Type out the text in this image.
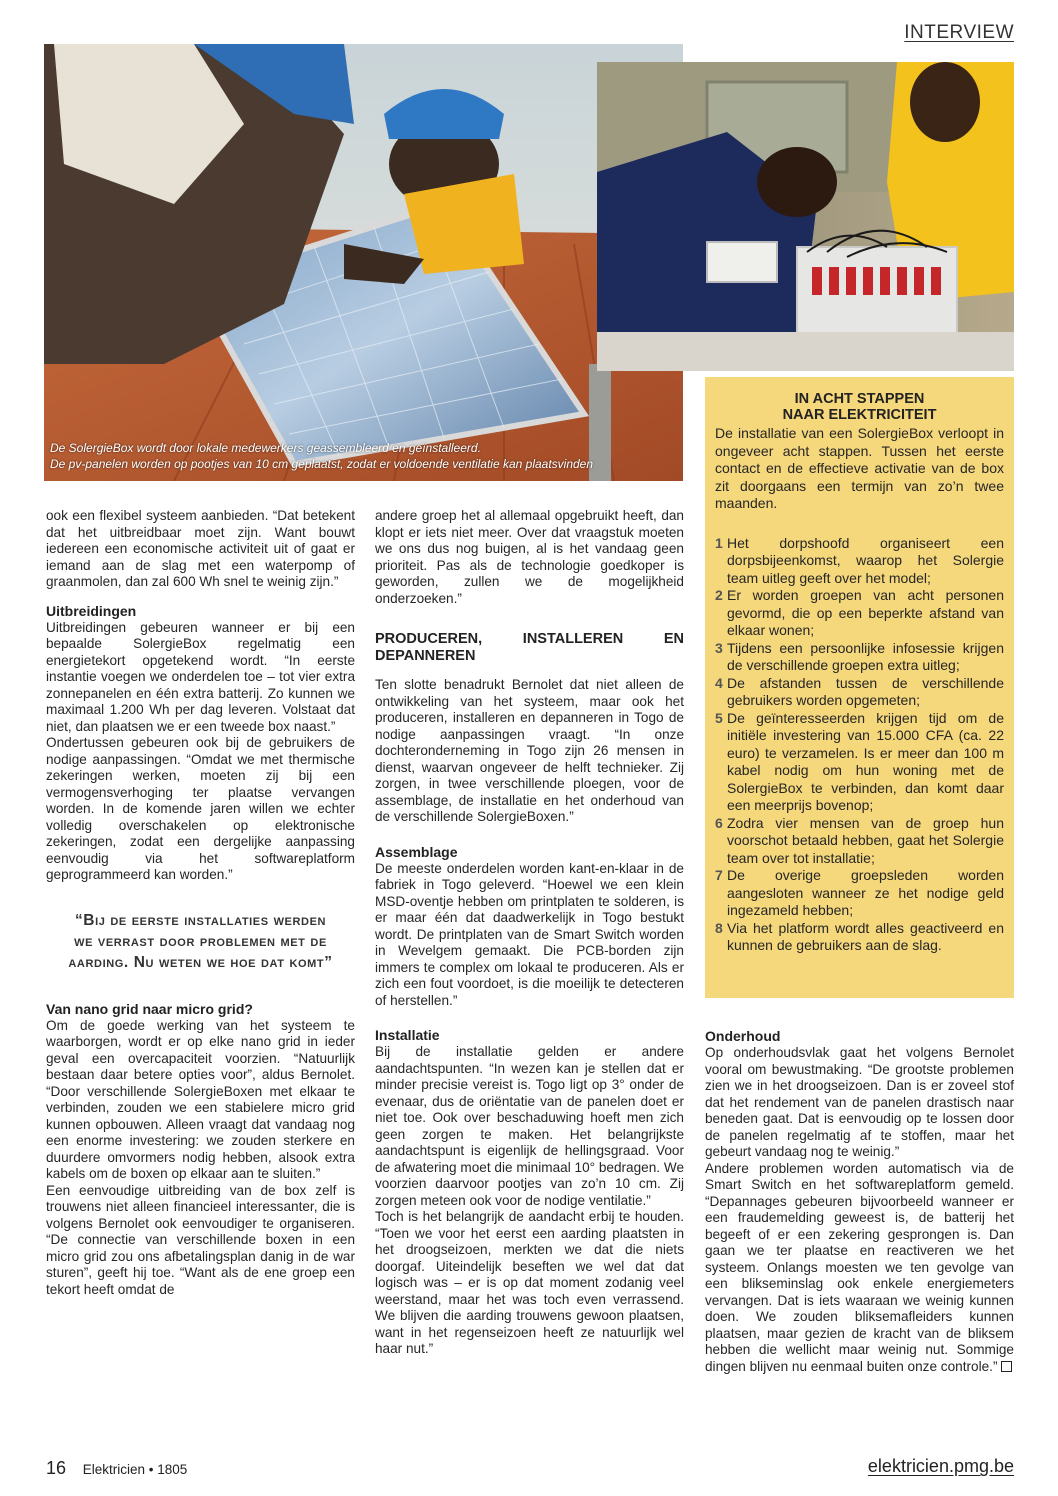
INTERVIEW
De SolergieBox wordt door lokale medewerkers geassembleerd en geïnstalleerd.
De pv-panelen worden op pootjes van 10 cm geplaatst, zodat er voldoende ventilatie kan plaatsvinden

ook een flexibel systeem aanbieden. “Dat betekent dat het uitbreidbaar moet zijn. Want bouwt iedereen een economische activiteit uit of gaat er iemand aan de slag met een waterpomp of graanmolen, dan zal 600 Wh snel te weinig zijn.”

Uitbreidingen

Uitbreidingen gebeuren wanneer er bij een bepaalde SolergieBox regelmatig een energietekort opgetekend wordt. “In eerste instantie voegen we onderdelen toe – tot vier extra zonnepanelen en één extra batterij. Zo kunnen we maximaal 1.200 Wh per dag leveren. Volstaat dat niet, dan plaatsen we er een tweede box naast.”

Ondertussen gebeuren ook bij de gebruikers de nodige aanpassingen. “Omdat we met thermische zekeringen werken, moeten zij bij een vermogensverhoging ter plaatse vervangen worden. In de komende jaren willen we echter volledig overschakelen op elektronische zekeringen, zodat een dergelijke aanpassing eenvoudig via het softwareplatform geprogrammeerd kan worden.”

“Bij de eerste installaties werden we verrast door problemen met de aarding. Nu weten we hoe dat komt”
Van nano grid naar micro grid?

Om de goede werking van het systeem te waarborgen, wordt er op elke nano grid in ieder geval een overcapaciteit voorzien. “Natuurlijk bestaan daar betere opties voor”, aldus Bernolet. “Door verschillende SolergieBoxen met elkaar te verbinden, zouden we een stabielere micro grid kunnen opbouwen. Alleen vraagt dat vandaag nog een enorme investering: we zouden sterkere en duurdere omvormers nodig hebben, alsook extra kabels om de boxen op elkaar aan te sluiten.”

Een eenvoudige uitbreiding van de box zelf is trouwens niet alleen financieel interessanter, die is volgens Bernolet ook eenvoudiger te organiseren. “De connectie van verschillende boxen in een micro grid zou ons afbetalingsplan danig in de war sturen”, geeft hij toe. “Want als de ene groep een tekort heeft omdat de

andere groep het al allemaal opgebruikt heeft, dan klopt er iets niet meer. Over dat vraagstuk moeten we ons dus nog buigen, al is het vandaag geen prioriteit. Pas als de technologie goedkoper is geworden, zullen we de mogelijkheid onderzoeken.”

PRODUCEREN, INSTALLEREN EN DEPANNEREN

Ten slotte benadrukt Bernolet dat niet alleen de ontwikkeling van het systeem, maar ook het produceren, installeren en depanneren in Togo de nodige aanpassingen vraagt. “In onze dochteronderneming in Togo zijn 26 mensen in dienst, waarvan ongeveer de helft technieker. Zij zorgen, in twee verschillende ploegen, voor de assemblage, de installatie en het onderhoud van de verschillende SolergieBoxen.”

Assemblage

De meeste onderdelen worden kant-en-klaar in de fabriek in Togo geleverd. “Hoewel we een klein MSD-oventje hebben om printplaten te solderen, is er maar één dat daadwerkelijk in Togo bestukt wordt. De printplaten van de Smart Switch worden in Wevelgem gemaakt. Die PCB-borden zijn immers te complex om lokaal te produceren. Als er zich een fout voordoet, is die moeilijk te detecteren of herstellen.”

Installatie

Bij de installatie gelden er andere aandachtspunten. “In wezen kan je stellen dat er minder precisie vereist is. Togo ligt op 3° onder de evenaar, dus de oriëntatie van de panelen doet er niet toe. Ook over beschaduwing hoeft men zich geen zorgen te maken. Het belangrijkste aandachtspunt is eigenlijk de hellingsgraad. Voor de afwatering moet die minimaal 10° bedragen. We voorzien daarvoor pootjes van zo’n 10 cm. Zij zorgen meteen ook voor de nodige ventilatie.”

Toch is het belangrijk de aandacht erbij te houden. “Toen we voor het eerst een aarding plaatsten in het droogseizoen, merkten we dat die niets doorgaf. Uiteindelijk beseften we wel dat dat logisch was – er is op dat moment zodanig veel weerstand, maar het was toch even verrassend. We blijven die aarding trouwens gewoon plaatsen, want in het regenseizoen heeft ze natuurlijk wel haar nut.”

IN ACHT STAPPEN
NAAR ELEKTRICITEIT

De installatie van een SolergieBox verloopt in ongeveer acht stappen. Tussen het eerste contact en de effectieve activatie van de box zit doorgaans een termijn van zo’n twee maanden.

1 Het dorpshoofd organiseert een dorpsbijeenkomst, waarop het Solergie team uitleg geeft over het model;
2 Er worden groepen van acht personen gevormd, die op een beperkte afstand van elkaar wonen;
3 Tijdens een persoonlijke infosessie krijgen de verschillende groepen extra uitleg;
4 De afstanden tussen de verschillende gebruikers worden opgemeten;
5 De geïnteresseerden krijgen tijd om de initiële investering van 15.000 CFA (ca. 22 euro) te verzamelen. Is er meer dan 100 m kabel nodig om hun woning met de SolergieBox te verbinden, dan komt daar een meerprijs bovenop;
6 Zodra vier mensen van de groep hun voorschot betaald hebben, gaat het Solergie team over tot installatie;
7 De overige groepsleden worden aangesloten wanneer ze het nodige geld ingezameld hebben;
8 Via het platform wordt alles geactiveerd en kunnen de gebruikers aan de slag.
Onderhoud

Op onderhoudsvlak gaat het volgens Bernolet vooral om bewustmaking. “De grootste problemen zien we in het droogseizoen. Dan is er zoveel stof dat het rendement van de panelen drastisch naar beneden gaat. Dat is eenvoudig op te lossen door de panelen regelmatig af te stoffen, maar het gebeurt vandaag nog te weinig.”

Andere problemen worden automatisch via de Smart Switch en het softwareplatform gemeld. “Depannages gebeuren bijvoorbeeld wanneer er een fraudemelding geweest is, de batterij het begeeft of er een zekering gesprongen is. Dan gaan we ter plaatse en reactiveren we het systeem. Onlangs moesten we ten gevolge van een blikseminslag ook enkele energiemeters vervangen. Dat is iets waaraan we weinig kunnen doen. We zouden bliksemafleiders kunnen plaatsen, maar gezien de kracht van de bliksem hebben die wellicht maar weinig nut. Sommige dingen blijven nu eenmaal buiten onze controle.”

16 Elektricien • 1805	elektricien.pmg.be
